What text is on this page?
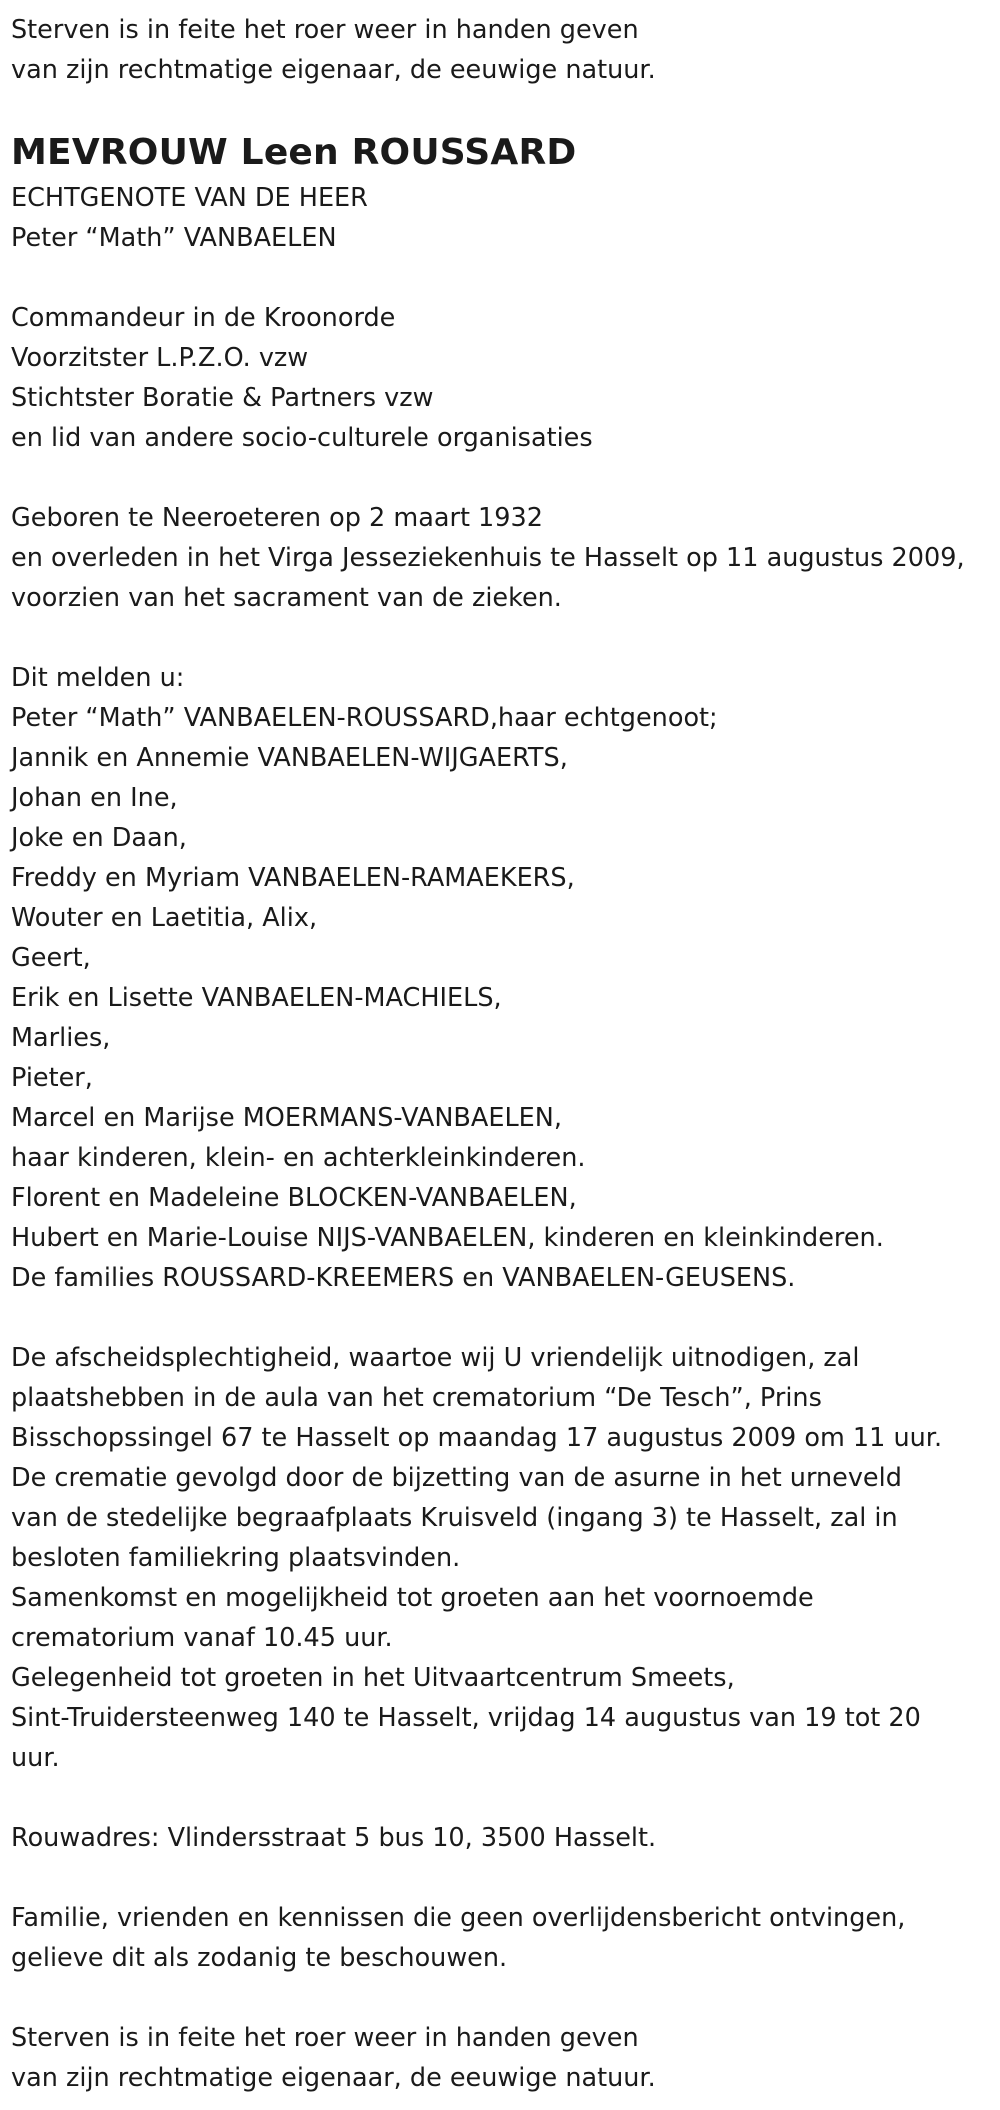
Sterven is in feite het roer weer in handen geven
van zijn rechtmatige eigenaar, de eeuwige natuur.
MEVROUW Leen ROUSSARD
ECHTGENOTE VAN DE HEER
Peter “Math” VANBAELEN
Commandeur in de Kroonorde
Voorzitster L.P.Z.O. vzw
Stichtster Boratie & Partners vzw
en lid van andere socio-culturele organisaties
Geboren te Neeroeteren op 2 maart 1932
en overleden in het Virga Jesseziekenhuis te Hasselt op 11 augustus 2009,
voorzien van het sacrament van de zieken.
Dit melden u:
Peter “Math” VANBAELEN-ROUSSARD,haar echtgenoot;
Jannik en Annemie VANBAELEN-WIJGAERTS,
Johan en Ine,
Joke en Daan,
Freddy en Myriam VANBAELEN-RAMAEKERS,
Wouter en Laetitia, Alix,
Geert,
Erik en Lisette VANBAELEN-MACHIELS,
Marlies,
Pieter,
Marcel en Marijse MOERMANS-VANBAELEN,
haar kinderen, klein- en achterkleinkinderen.
Florent en Madeleine BLOCKEN-VANBAELEN,
Hubert en Marie-Louise NIJS-VANBAELEN, kinderen en kleinkinderen.
De families ROUSSARD-KREEMERS en VANBAELEN-GEUSENS.
De afscheidsplechtigheid, waartoe wij U vriendelijk uitnodigen, zal
plaatshebben in de aula van het crematorium “De Tesch”, Prins
Bisschopssingel 67 te Hasselt op maandag 17 augustus 2009 om 11 uur.
De crematie gevolgd door de bijzetting van de asurne in het urneveld
van de stedelijke begraafplaats Kruisveld (ingang 3) te Hasselt, zal in
besloten familiekring plaatsvinden.
Samenkomst en mogelijkheid tot groeten aan het voornoemde
crematorium vanaf 10.45 uur.
Gelegenheid tot groeten in het Uitvaartcentrum Smeets,
Sint-Truidersteenweg 140 te Hasselt, vrijdag 14 augustus van 19 tot 20
uur.
Rouwadres: Vlindersstraat 5 bus 10, 3500 Hasselt.
Familie, vrienden en kennissen die geen overlijdensbericht ontvingen,
gelieve dit als zodanig te beschouwen.
Sterven is in feite het roer weer in handen geven
van zijn rechtmatige eigenaar, de eeuwige natuur.
